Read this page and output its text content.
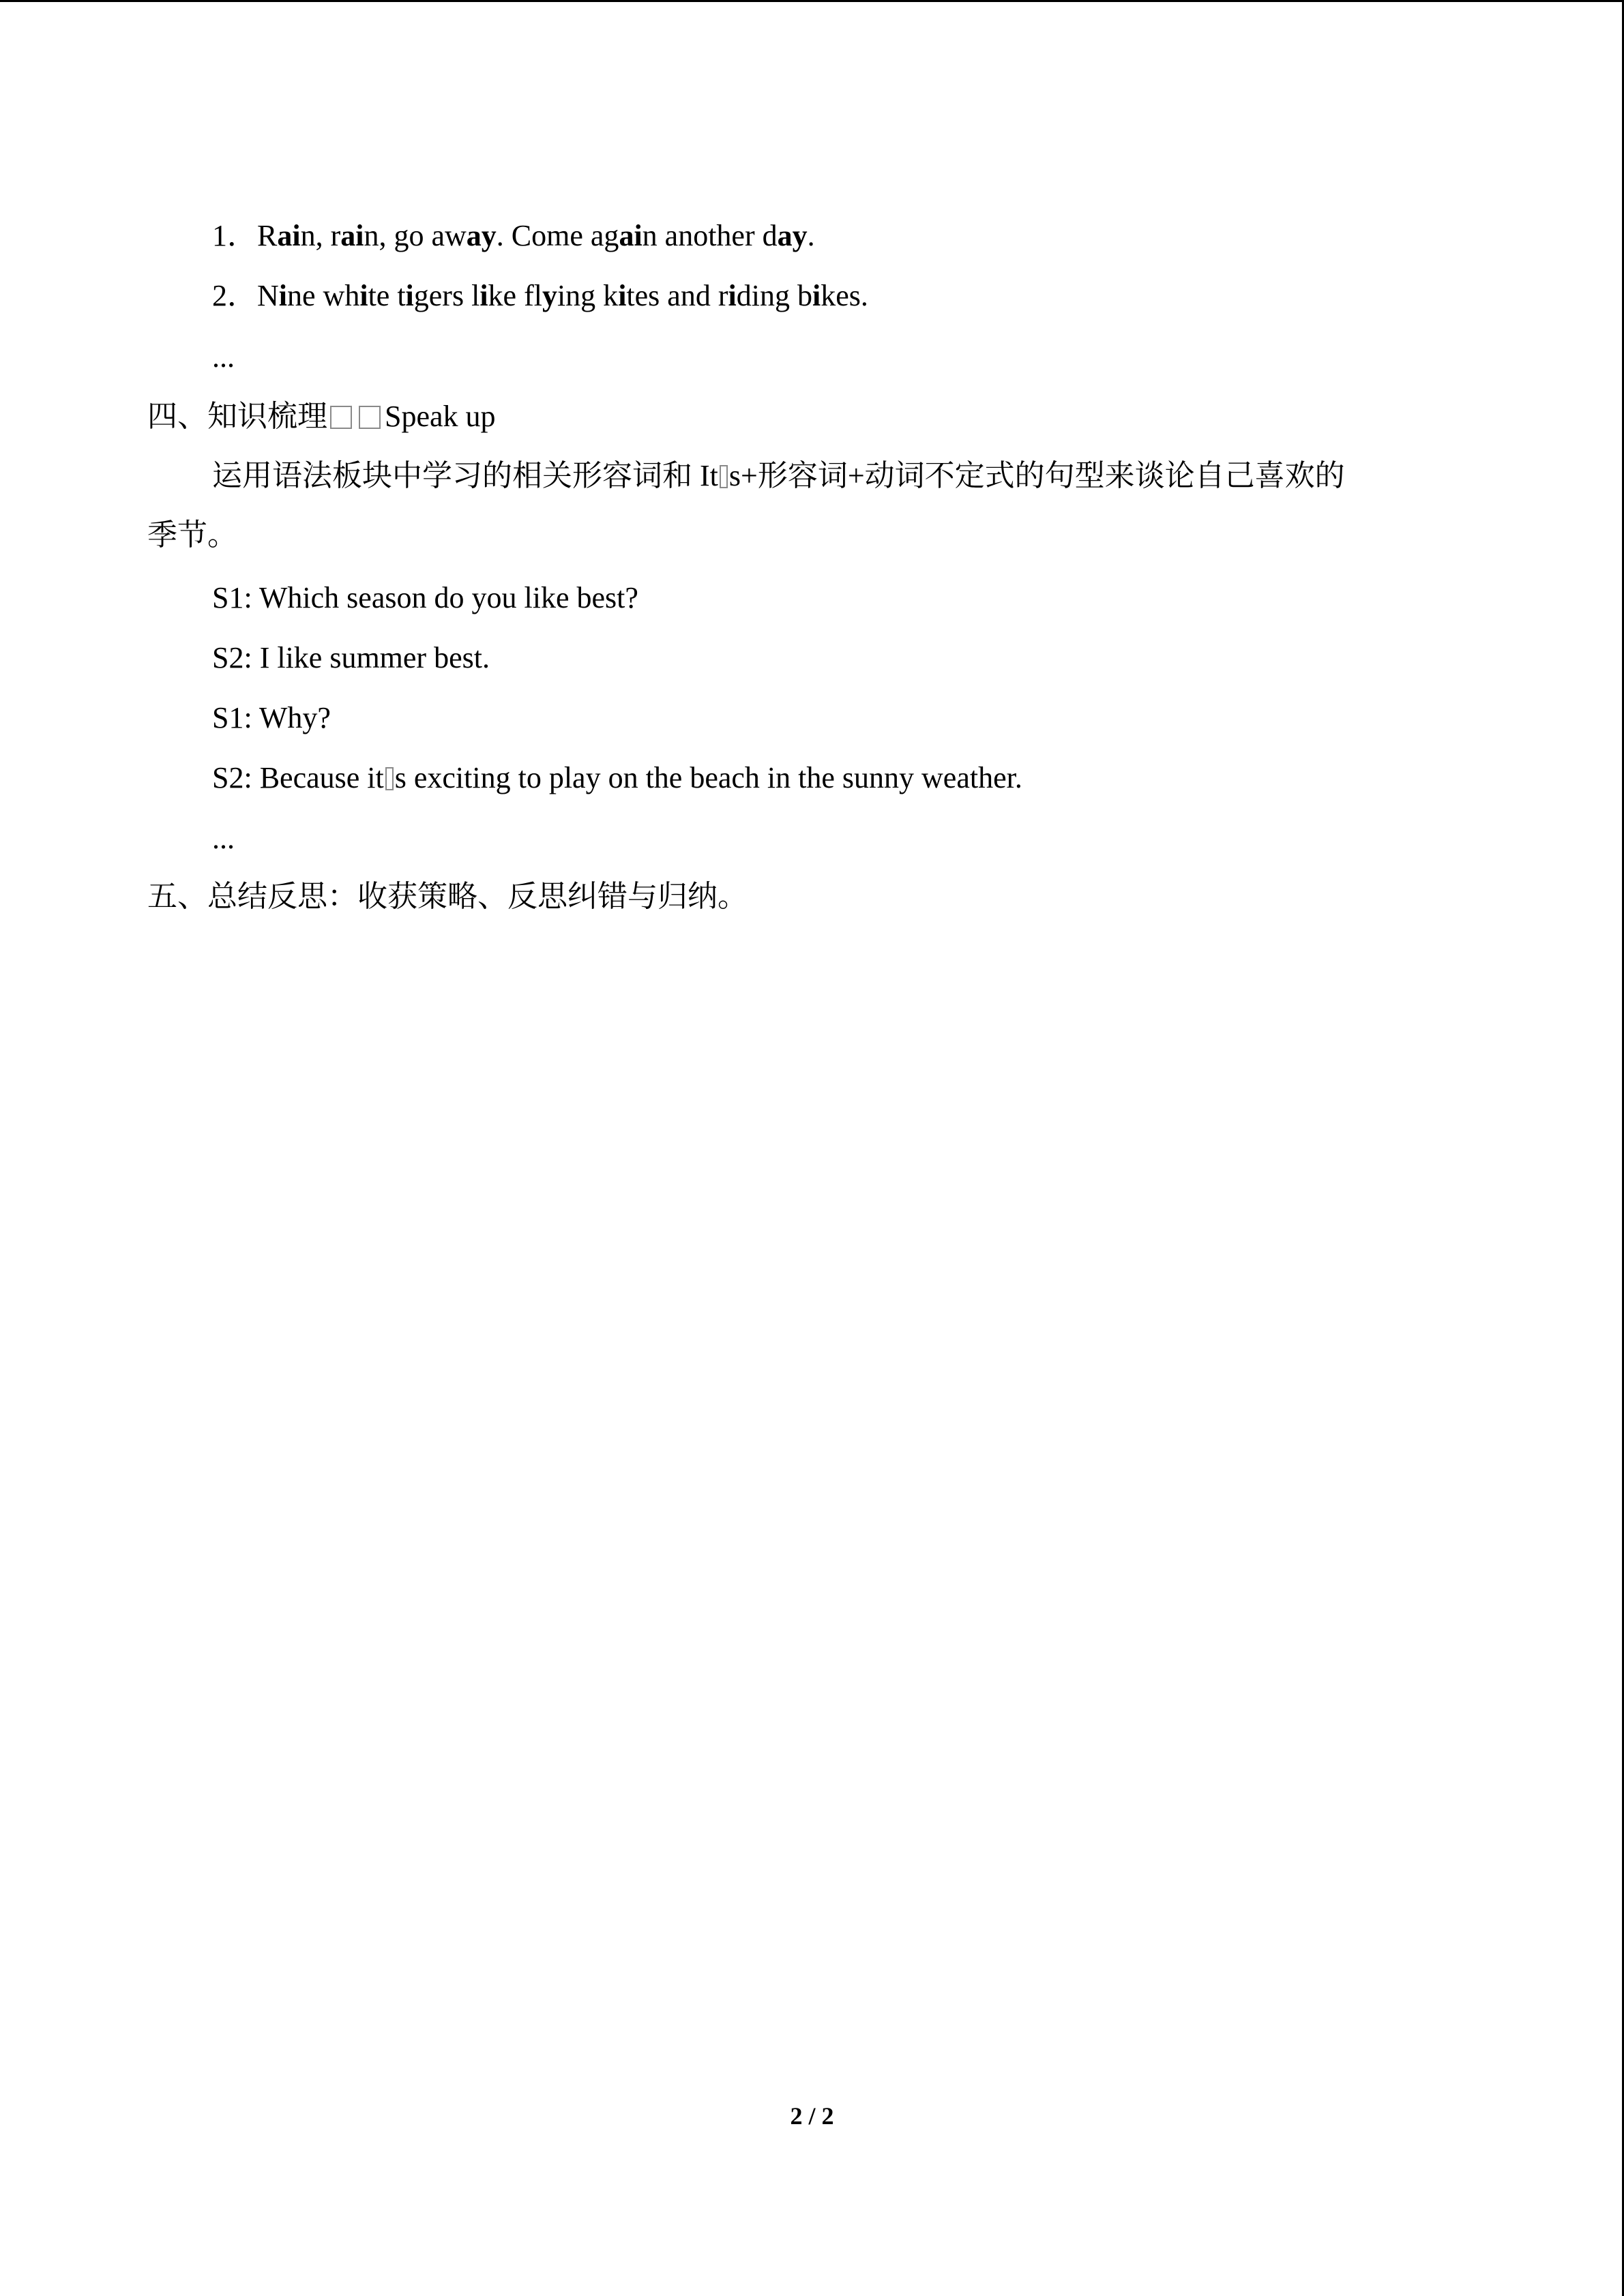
1．Rain, rain, go away. Come again another day.
2．Nine white tigers like flying kites and riding bikes.
...
四、知识梳理 Speak up
运用语法板块中学习的相关形容词和 It s+形容词+动词不定式的句型来谈论自己喜欢的
季节。
S1: Which season do you like best?
S2: I like summer best.
S1: Why?
S2: Because it s exciting to play on the beach in the sunny weather.
...
五、总结反思：收获策略、反思纠错与归纳。
2 / 2
